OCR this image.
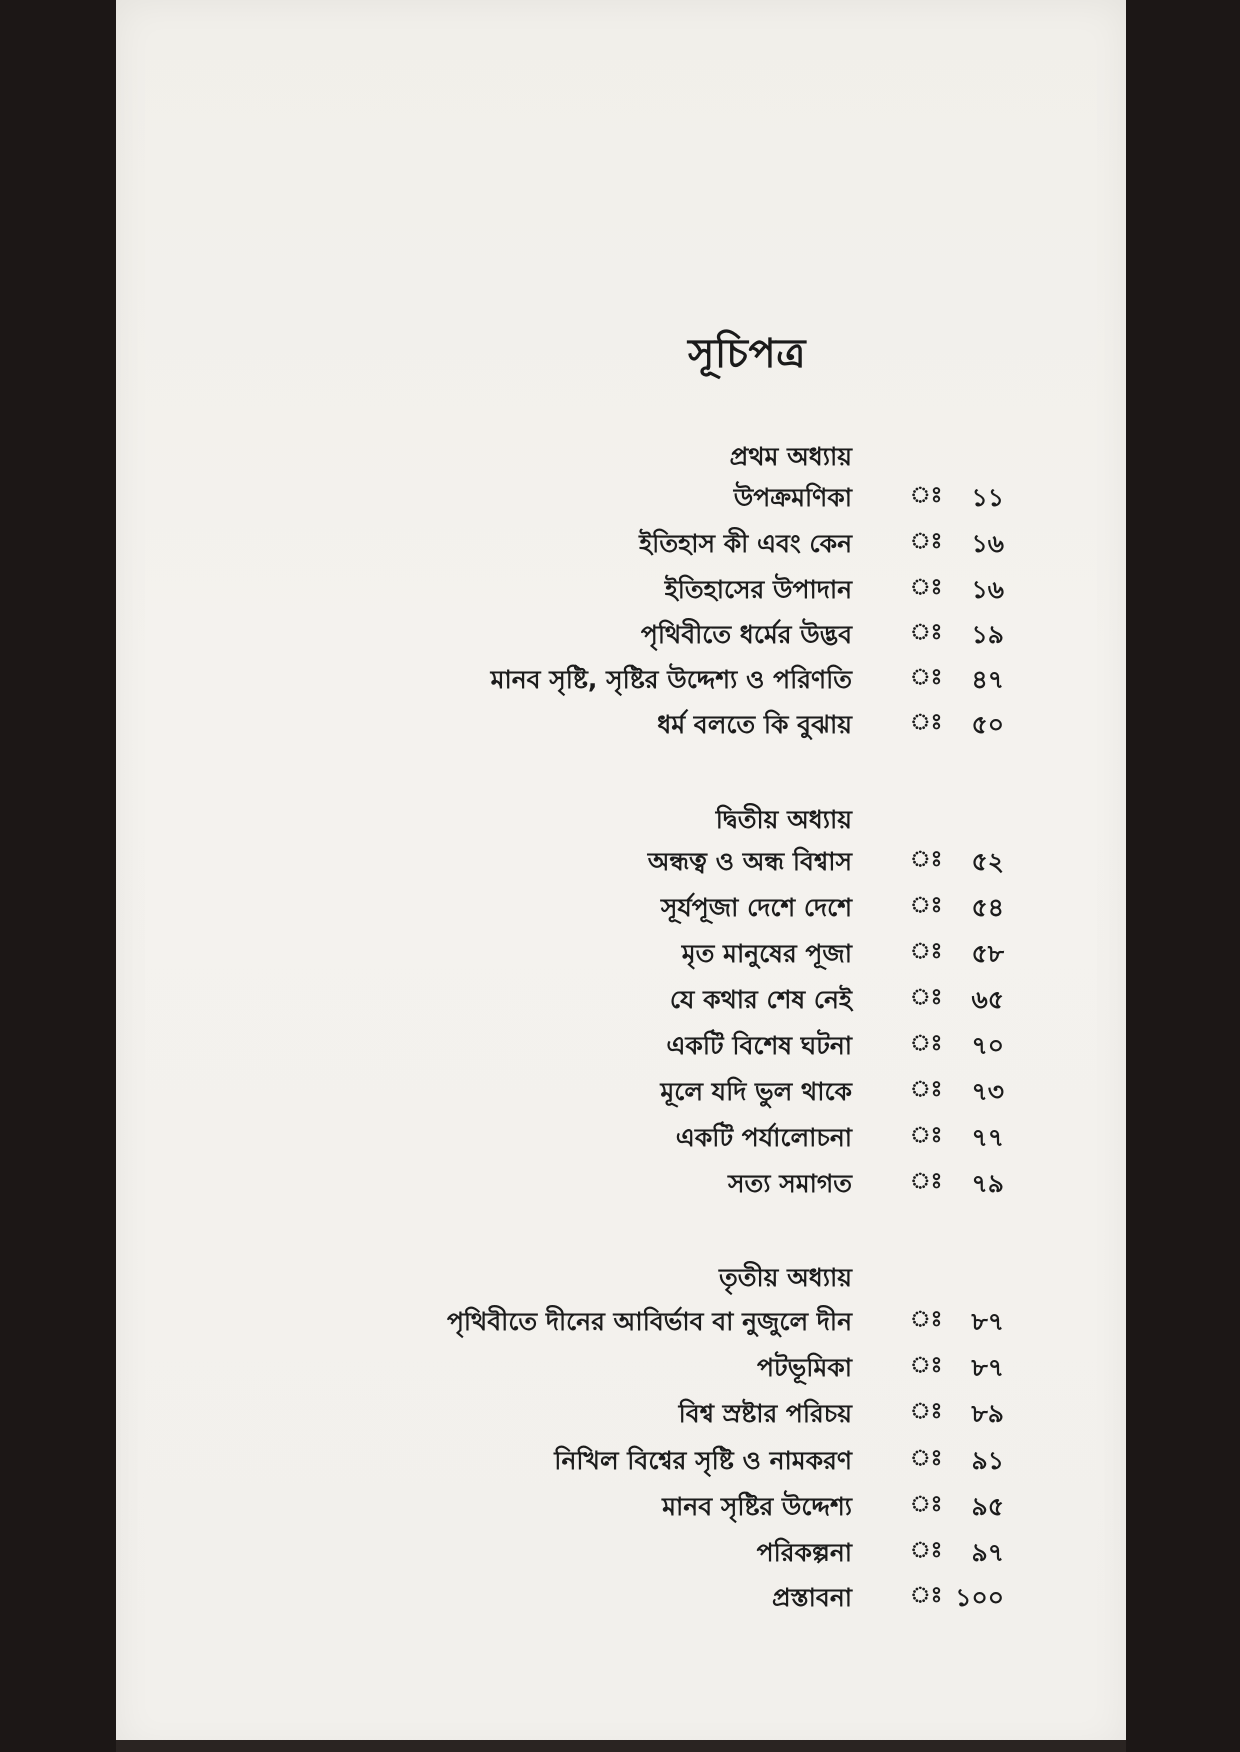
সূচিপত্র
প্রথম অধ্যায়
উপক্রমণিকা	ঃ ১১
ইতিহাস কী এবং কেন	ঃ ১৬
ইতিহাসের উপাদান	ঃ ১৬
পৃথিবীতে ধর্মের উদ্ভব	ঃ ১৯
মানব সৃষ্টি, সৃষ্টির উদ্দেশ্য ও পরিণতি	ঃ ৪৭
ধর্ম বলতে কি বুঝায়	ঃ ৫০
দ্বিতীয় অধ্যায়
অন্ধত্ব ও অন্ধ বিশ্বাস	ঃ ৫২
সূর্যপূজা দেশে দেশে	ঃ ৫৪
মৃত মানুষের পূজা	ঃ ৫৮
যে কথার শেষ নেই	ঃ ৬৫
একটি বিশেষ ঘটনা	ঃ ৭০
মূলে যদি ভুল থাকে	ঃ ৭৩
একটি পর্যালোচনা	ঃ ৭৭
সত্য সমাগত	ঃ ৭৯
তৃতীয় অধ্যায়
পৃথিবীতে দীনের আবির্ভাব বা নুজুলে দীন	ঃ ৮৭
পটভূমিকা	ঃ ৮৭
বিশ্ব স্রষ্টার পরিচয়	ঃ ৮৯
নিখিল বিশ্বের সৃষ্টি ও নামকরণ	ঃ ৯১
মানব সৃষ্টির উদ্দেশ্য	ঃ ৯৫
পরিকল্পনা	ঃ ৯৭
প্রস্তাবনা	ঃ ১০০
